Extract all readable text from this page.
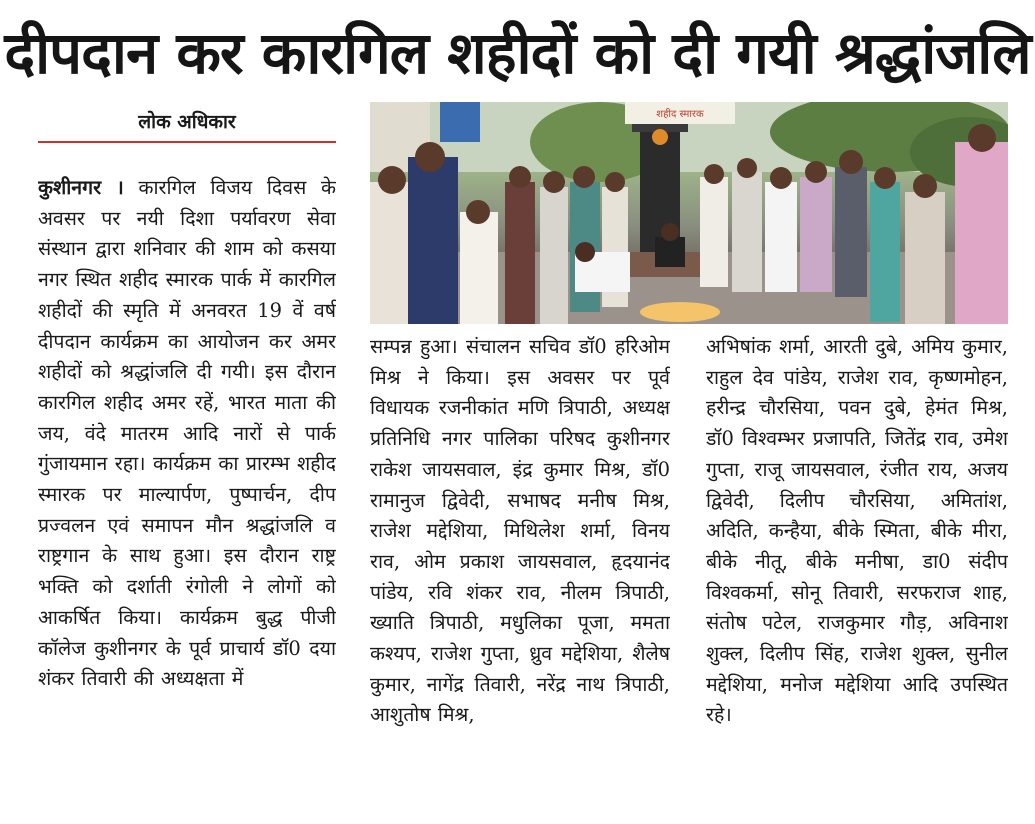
दीपदान कर कारगिल शहीदों को दी गयी श्रद्धांजलि
लोक अधिकार	शहीद स्मारक
कुशीनगर । कारगिल विजय दिवस के अवसर पर नयी दिशा पर्यावरण सेवा संस्थान द्वारा शनिवार की शाम को कसया नगर स्थित शहीद स्मारक पार्क में कारगिल शहीदों की स्मृति में अनवरत 19 वें वर्ष दीपदान कार्यक्रम का आयोजन कर अमर शहीदों को श्रद्धांजलि दी गयी। इस दौरान कारगिल शहीद अमर रहें, भारत माता की जय, वंदे मातरम आदि नारों से पार्क गुंजायमान रहा। कार्यक्रम का प्रारम्भ शहीद स्मारक पर माल्यार्पण, पुष्पार्चन, दीप प्रज्वलन एवं समापन मौन श्रद्धांजलि व राष्ट्रगान के साथ हुआ। इस दौरान राष्ट्र भक्ति को दर्शाती रंगोली ने लोगों को आकर्षित किया। कार्यक्रम बुद्ध पीजी कॉलेज कुशीनगर के पूर्व प्राचार्य डॉ0 दया शंकर तिवारी की अध्यक्षता में
सम्पन्न हुआ। संचालन सचिव डॉ0 हरिओम मिश्र ने किया। इस अवसर पर पूर्व विधायक रजनीकांत मणि त्रिपाठी, अध्यक्ष प्रतिनिधि नगर पालिका परिषद कुशीनगर राकेश जायसवाल, इंद्र कुमार मिश्र, डॉ0 रामानुज द्विवेदी, सभाषद मनीष मिश्र, राजेश मद्देशिया, मिथिलेश शर्मा, विनय राव, ओम प्रकाश जायसवाल, हृदयानंद पांडेय, रवि शंकर राव, नीलम त्रिपाठी, ख्याति त्रिपाठी, मधुलिका पूजा, ममता कश्यप, राजेश गुप्ता, ध्रुव मद्देशिया, शैलेष कुमार, नागेंद्र तिवारी, नरेंद्र नाथ त्रिपाठी, आशुतोष मिश्र,
अभिषांक शर्मा, आरती दुबे, अमिय कुमार, राहुल देव पांडेय, राजेश राव, कृष्णमोहन, हरीन्द्र चौरसिया, पवन दुबे, हेमंत मिश्र, डॉ0 विश्वम्भर प्रजापति, जितेंद्र राव, उमेश गुप्ता, राजू जायसवाल, रंजीत राय, अजय द्विवेदी, दिलीप चौरसिया, अमितांश, अदिति, कन्हैया, बीके स्मिता, बीके मीरा, बीके नीतू, बीके मनीषा, डा0 संदीप विश्वकर्मा, सोनू तिवारी, सरफराज शाह, संतोष पटेल, राजकुमार गौड़, अविनाश शुक्ल, दिलीप सिंह, राजेश शुक्ल, सुनील मद्देशिया, मनोज मद्देशिया आदि उपस्थित रहे।
